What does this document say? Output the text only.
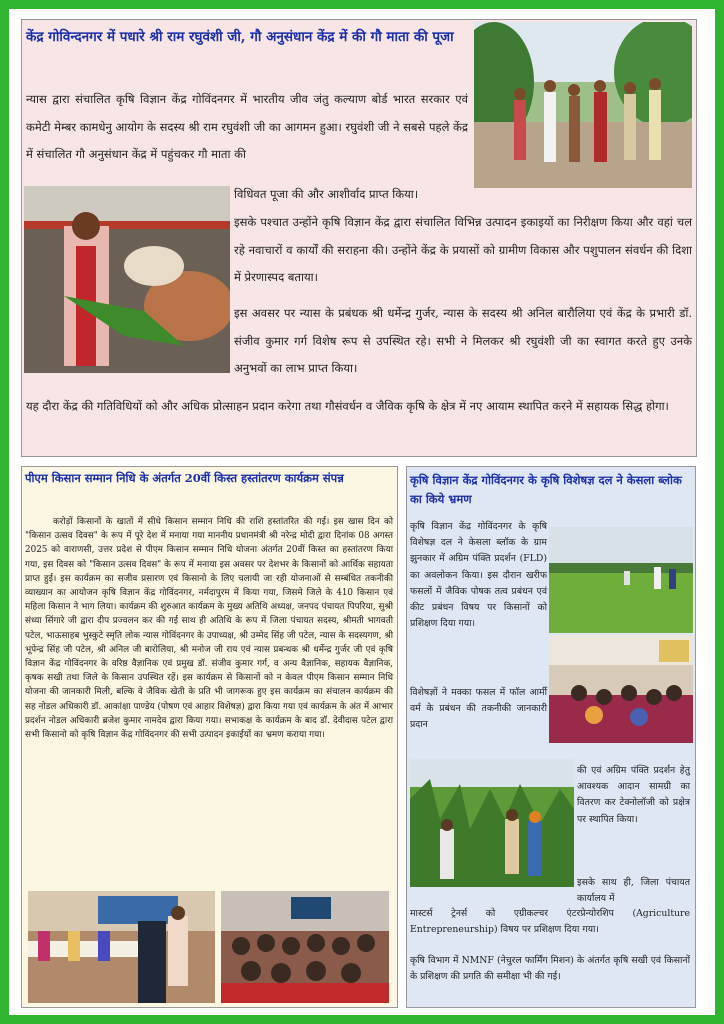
केंद्र गोविन्दनगर में पधारे श्री राम रघुवंशी जी, गौ अनुसंधान केंद्र में की गौ माता की पूजा
न्यास द्वारा संचालित कृषि विज्ञान केंद्र गोविंदनगर में भारतीय जीव जंतु कल्याण बोर्ड भारत सरकार एवं कमेटी मेम्बर कामधेनु आयोग के सदस्य श्री राम रघुवंशी जी का आगमन हुआ। रघुवंशी जी ने सबसे पहले केंद्र में संचालित गौ अनुसंधान केंद्र में पहुंचकर गौ माता की
विधिवत पूजा की और आशीर्वाद प्राप्त किया।
इसके पश्चात उन्होंने कृषि विज्ञान केंद्र द्वारा संचालित विभिन्न उत्पादन इकाइयों का निरीक्षण किया और वहां चल रहे नवाचारों व कार्यों की सराहना की। उन्होंने केंद्र के प्रयासों को ग्रामीण विकास और पशुपालन संवर्धन की दिशा में प्रेरणास्पद बताया।
इस अवसर पर न्यास के प्रबंधक श्री धर्मेन्द्र गुर्जर, न्यास के सदस्य श्री अनिल बारौलिया एवं केंद्र के प्रभारी डॉ. संजीव कुमार गर्ग विशेष रूप से उपस्थित रहे। सभी ने मिलकर श्री रघुवंशी जी का स्वागत करते हुए उनके अनुभवों का लाभ प्राप्त किया।
यह दौरा केंद्र की गतिविधियों को और अधिक प्रोत्साहन प्रदान करेगा तथा गौसंवर्धन व जैविक कृषि के क्षेत्र में नए आयाम स्थापित करने में सहायक सिद्ध होगा।
पीएम किसान सम्मान निधि के अंतर्गत 20वीं किस्त हस्तांतरण कार्यक्रम संपन्न
करोड़ों किसानों के खातों में सीधे किसान सम्मान निधि की राशि हस्तांतरित की गई। इस खास दिन को "किसान उत्सव दिवस" के रूप में पूरे देश में मनाया गया माननीय प्रधानमंत्री श्री नरेन्द्र मोदी द्वारा दिनांक 08 अगस्त 2025 को वाराणसी, उत्तर प्रदेश से पीएम किसान सम्मान निधि योजना अंतर्गत 20वीं किस्त का हस्तांतरण किया गया, इस दिवस को "किसान उत्सव दिवस" के रूप में मनाया इस अवसर पर देशभर के किसानों को आर्थिक सहायता प्राप्त हुई। इस कार्यक्रम का सजीव प्रसारण एवं किसानो के लिए चलायी जा रही योजनाओं से सम्बंधित तकनीकी व्याख्यान का आयोजन कृषि विज्ञान केंद्र गोविंदनगर, नर्मदापुरम में किया गया, जिसमे जिले के 410 किसान एवं महिला किसान ने भाग लिया। कार्यक्रम की शुरुआत कार्यक्रम के मुख्य अतिथि अध्यक्ष, जनपद पंचायत पिपरिया, सुश्री संध्या सिंगारे जी द्वारा दीप प्रज्वलन कर की गई साथ ही अतिथि के रूप में जिला पंचायत सदस्य, श्रीमती भागवती पटेल, भाऊसाहब भुस्कुटे स्मृति लोक न्यास गोविंदनगर के उपाध्यक्ष, श्री उम्मेद सिंह जी पटेल, न्यास के सदस्यगण, श्री भूपेन्द्र सिंह जी पटेल, श्री अनिल जी बारोलिया, श्री मनोज जी राय एवं न्यास प्रबन्धक श्री धर्मेन्द्र गुर्जर जी एवं कृषि विज्ञान केंद्र गोविंदनगर के वरिष्ठ वैज्ञानिक एवं प्रमुख डॉ. संजीव कुमार गर्ग, व अन्य वैज्ञानिक, सहायक वैज्ञानिक, कृषक सखी तथा जिले के किसान उपस्थित रहें। इस कार्यक्रम से किसानों को न केवल पीएम किसान सम्मान निधि योजना की जानकारी मिली, बल्कि वे जैविक खेती के प्रति भी जागरूक हुए इस कार्यक्रम का संचालन कार्यक्रम की सह नोडल अधिकारी डॉ. आकांक्षा पाण्डेय (पोषण एवं आहार विशेषज्ञ) द्वारा किया गया एवं कार्यक्रम के अंत में आभार प्रदर्शन नोडल अधिकारी ब्रजेश कुमार नामदेव द्वारा किया गया। सभाकक्ष के कार्यक्रम के बाद डॉ. देवीदास पटेल द्वारा सभी किसानो को कृषि विज्ञान केंद्र गोविंदनगर की सभी उत्पादन इकाईयों का भ्रमण कराया गया।
कृषि विज्ञान केंद्र गोविंदनगर के कृषि विशेषज्ञ दल ने केसला ब्लोक का किये भ्रमण
कृषि विज्ञान केंद्र गोविंदनगर के कृषि विशेषज्ञ दल ने केसला ब्लॉक के ग्राम झुनकार में अग्रिम पंक्ति प्रदर्शन (FLD) का अवलोकन किया। इस दौरान खरीफ फसलों में जैविक पोषक तत्व प्रबंधन एवं कीट प्रबंधन विषय पर किसानों को प्रशिक्षण दिया गया।
विशेषज्ञों ने मक्का फसल में फॉल आर्मी वर्म के प्रबंधन की तकनीकी जानकारी प्रदान
की एवं अग्रिम पंक्ति प्रदर्शन हेतु आवश्यक आदान सामग्री का वितरण कर टेक्नोलॉजी को प्रक्षेत्र पर स्थापित किया।
इसके साथ ही, जिला पंचायत कार्यालय में
मास्टर्स ट्रेनर्स को एग्रीकल्चर एंटरप्रेन्योरशिप (Agriculture Entrepreneurship) विषय पर प्रशिक्षण दिया गया।
कृषि विभाग में NMNF (नेचुरल फार्मिंग मिशन) के अंतर्गत कृषि सखी एवं किसानों के प्रशिक्षण की प्रगति की समीक्षा भी की गई।
